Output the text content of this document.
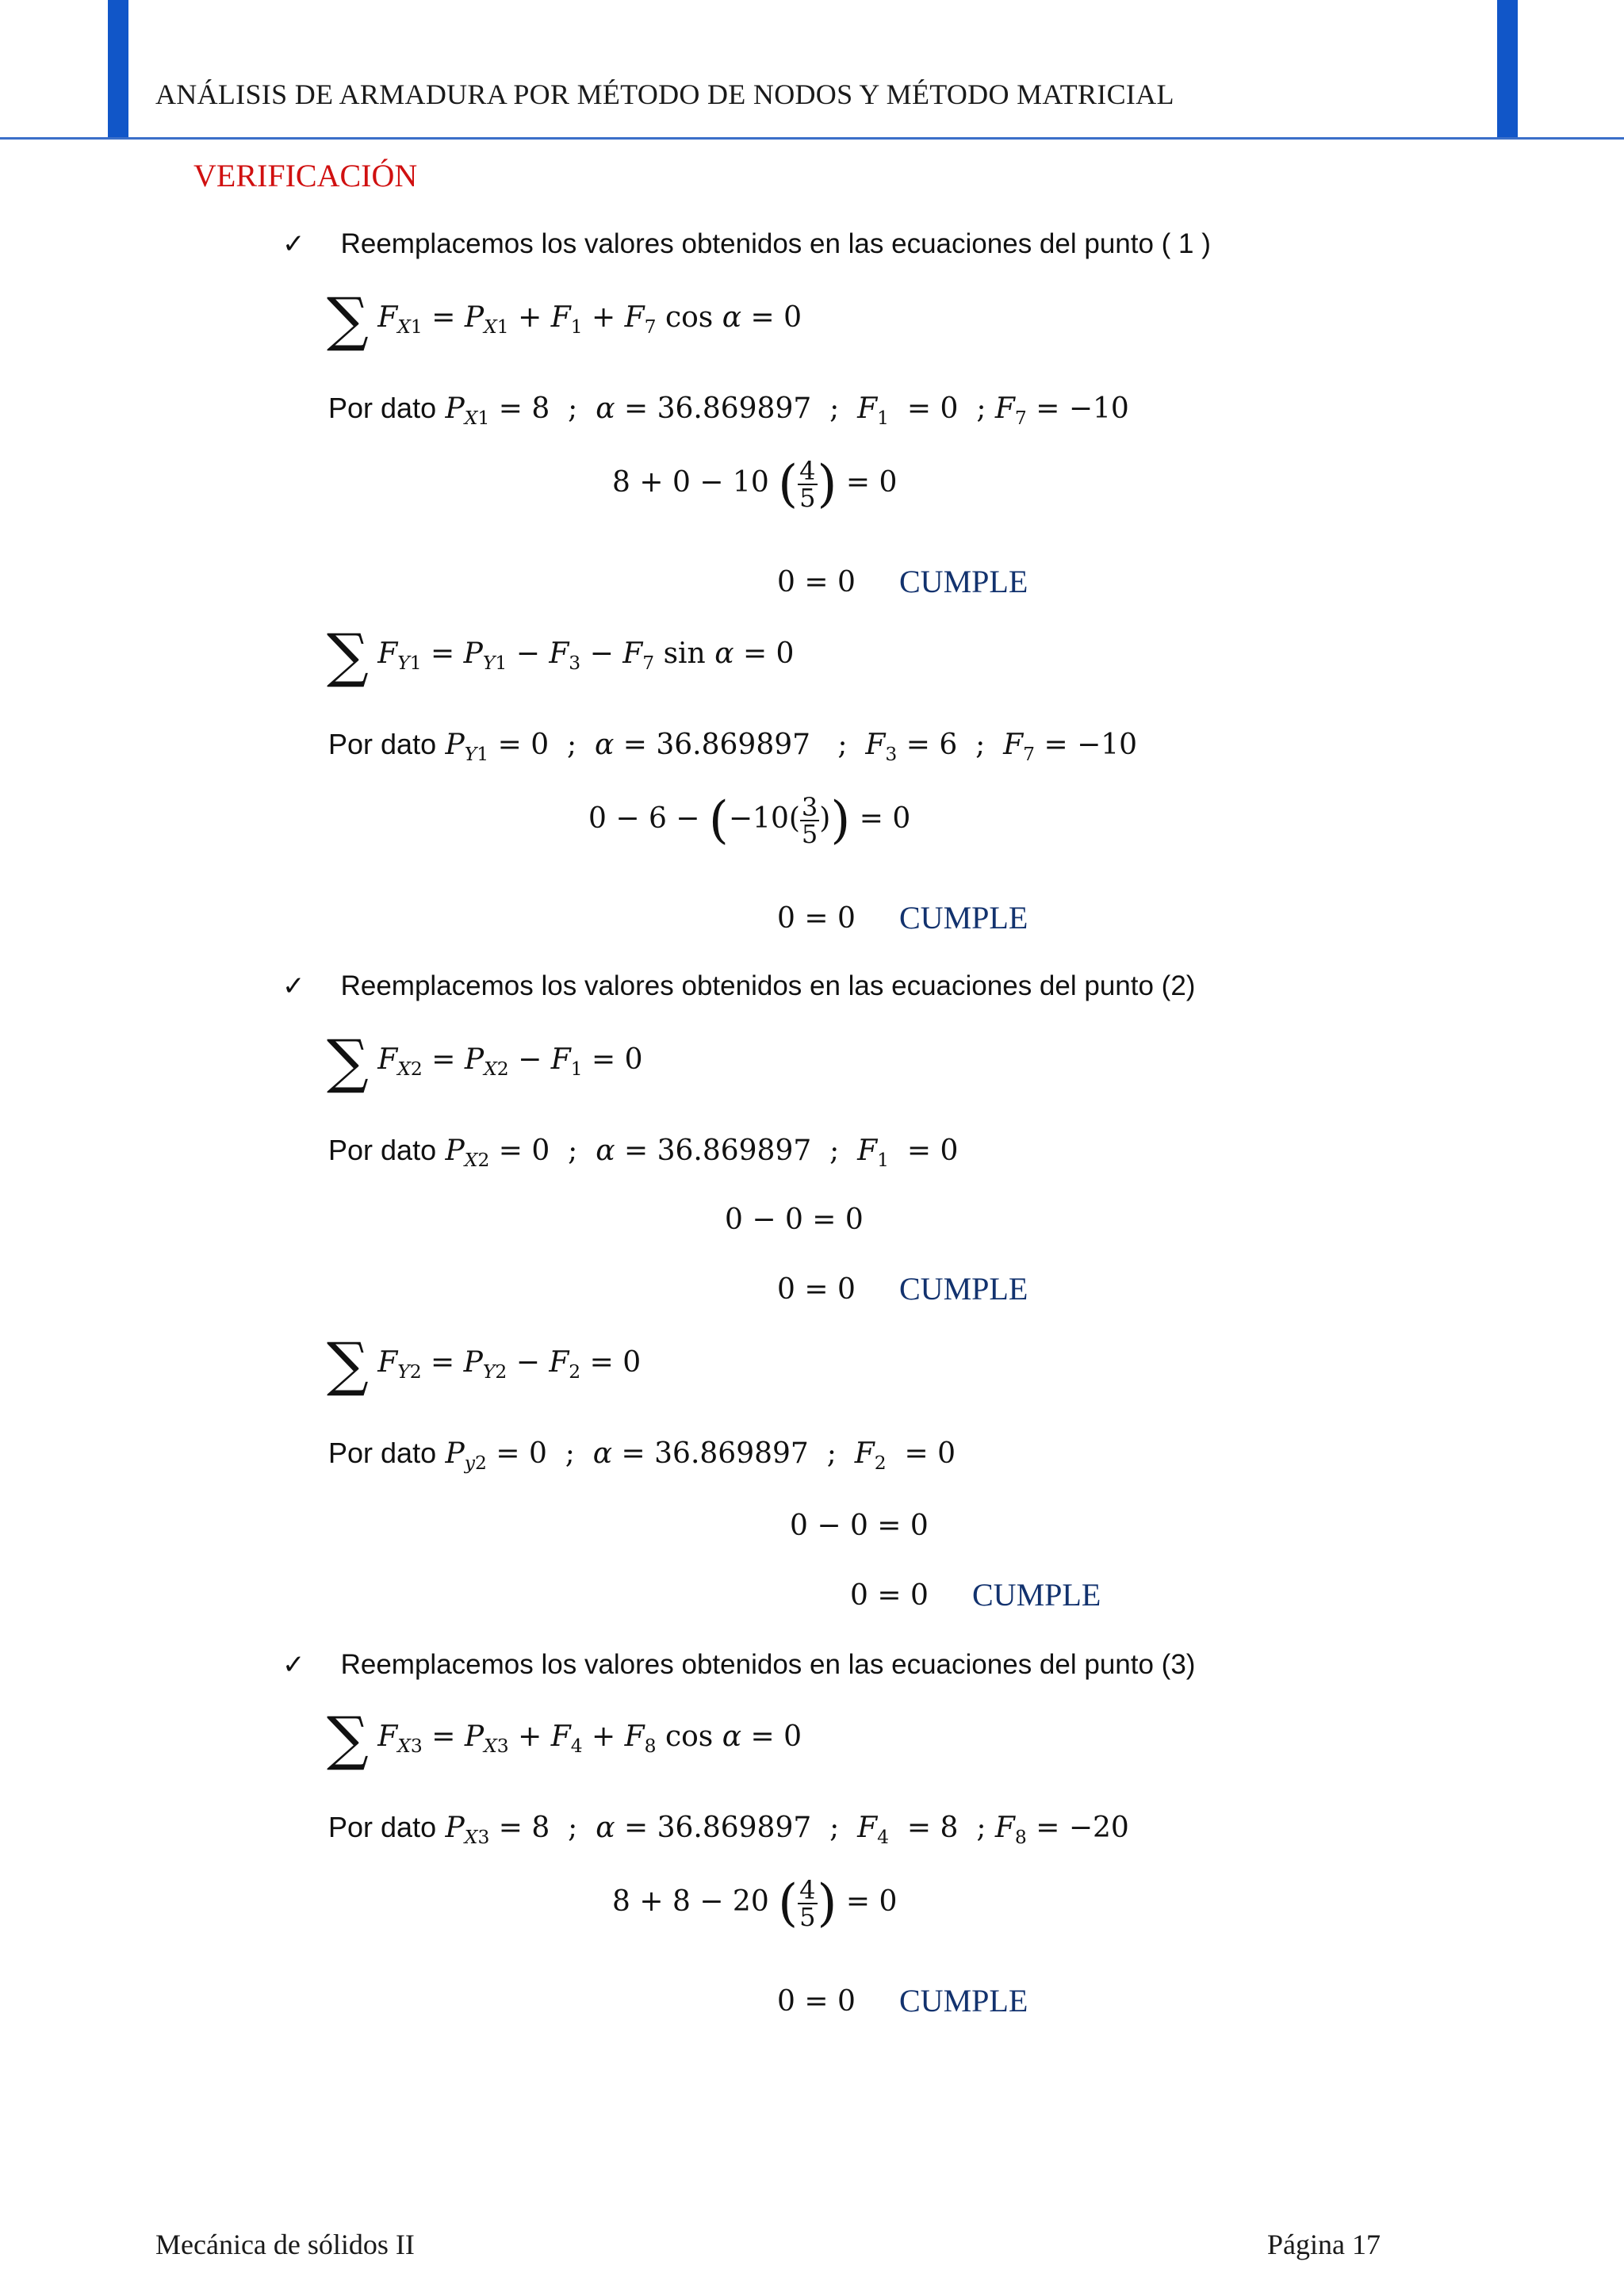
ANÁLISIS DE ARMADURA POR MÉTODO DE NODOS Y MÉTODO MATRICIAL
VERIFICACIÓN
✓ Reemplacemos los valores obtenidos en las ecuaciones del punto ( 1 )
∑ $F_{X1} = P_{X1} + F_1 + F_7$ cos α = 0
Por dato $P_{X1} = 8$  ;  α = 36.869897  ;  $F_1 = 0$  ; $F_7 = -10$
8 + 0 − 10 ( $\frac{4}{5}$ ) = 0
0 = 0 CUMPLE
∑ $F_{Y1} = P_{Y1} - F_3 - F_7$ sin α = 0
Por dato $P_{Y1} = 0$  ;  α = 36.869897   ;  $F_3 = 6$  ;  $F_7 = -10$
$0 - 6 - (-10( \frac{3}{5}$ )) = 0
0 = 0 CUMPLE
✓ Reemplacemos los valores obtenidos en las ecuaciones del punto (2)
∑ $F_{X2} = P_{X2} - F_1 = 0$
Por dato $P_{X2} = 0$  ;  α = 36.869897  ;  $F_1 = 0$
0 − 0 = 0
0 = 0 CUMPLE
∑ $F_{Y2} = P_{Y2} - F_2 = 0$
Por dato $P_{y2} = 0$  ;  α = 36.869897  ;  $F_2 = 0$
0 − 0 = 0
0 = 0 CUMPLE
✓ Reemplacemos los valores obtenidos en las ecuaciones del punto (3)
∑ $F_{X3} = P_{X3} + F_4 + F_8$ cos α = 0
Por dato $P_{X3} = 8$  ;  α = 36.869897  ;  $F_4 = 8$  ; $F_8 = -20$
8 + 8 − 20 ( $\frac{4}{5}$ ) = 0
0 = 0 CUMPLE
Mecánica de sólidos II	Página 17
